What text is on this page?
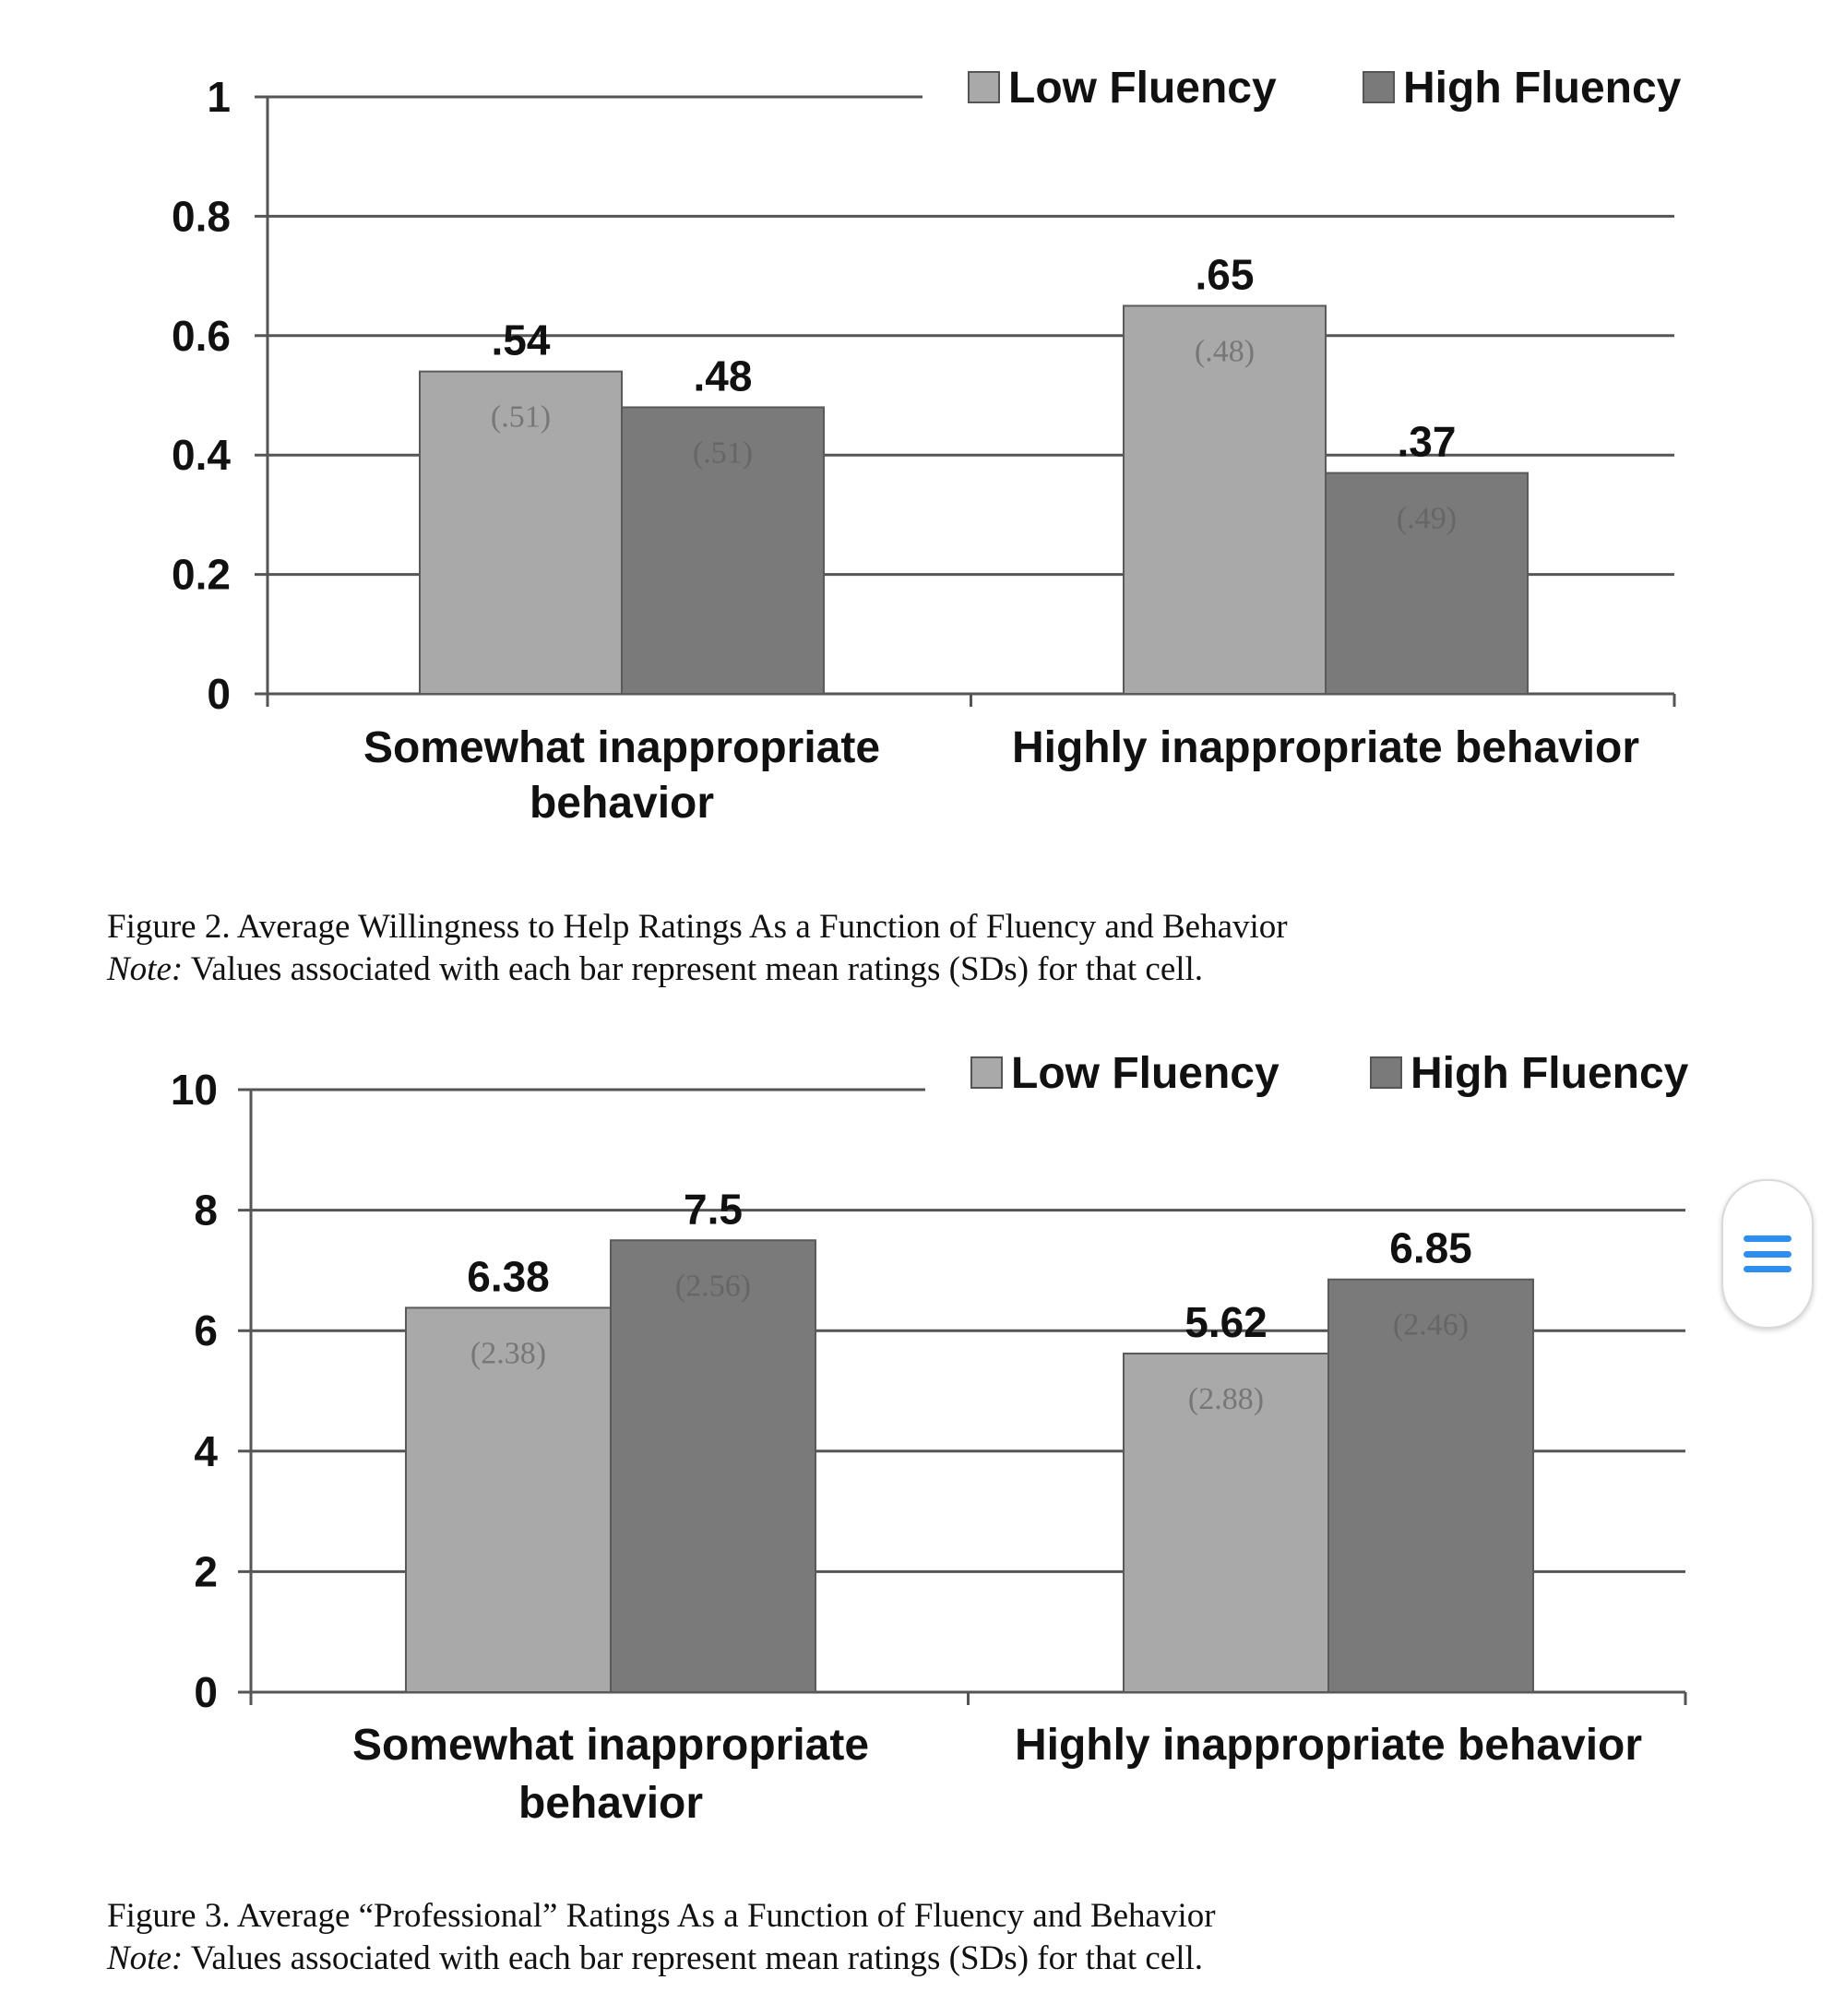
0
0.2
0.4
0.6
0.8
1
.54
(.51)
.65
(.48)
.48
(.51)	.37
(.49)
Somewhat inappropriate
behavior
Highly inappropriate behavior
Low Fluency	High Fluency
Figure 2. Average Willingness to Help Ratings As a Function of Fluency and Behavior
Note: Values associated with each bar represent mean ratings (SDs) for that cell.
0
2
4
6
8
10
6.38
(2.38)
5.62
(2.88)
7.5
(2.56)
6.85
(2.46)
Somewhat inappropriate
behavior
Highly inappropriate behavior
Low Fluency	High Fluency
Figure 3. Average “Professional” Ratings As a Function of Fluency and Behavior
Note: Values associated with each bar represent mean ratings (SDs) for that cell.
